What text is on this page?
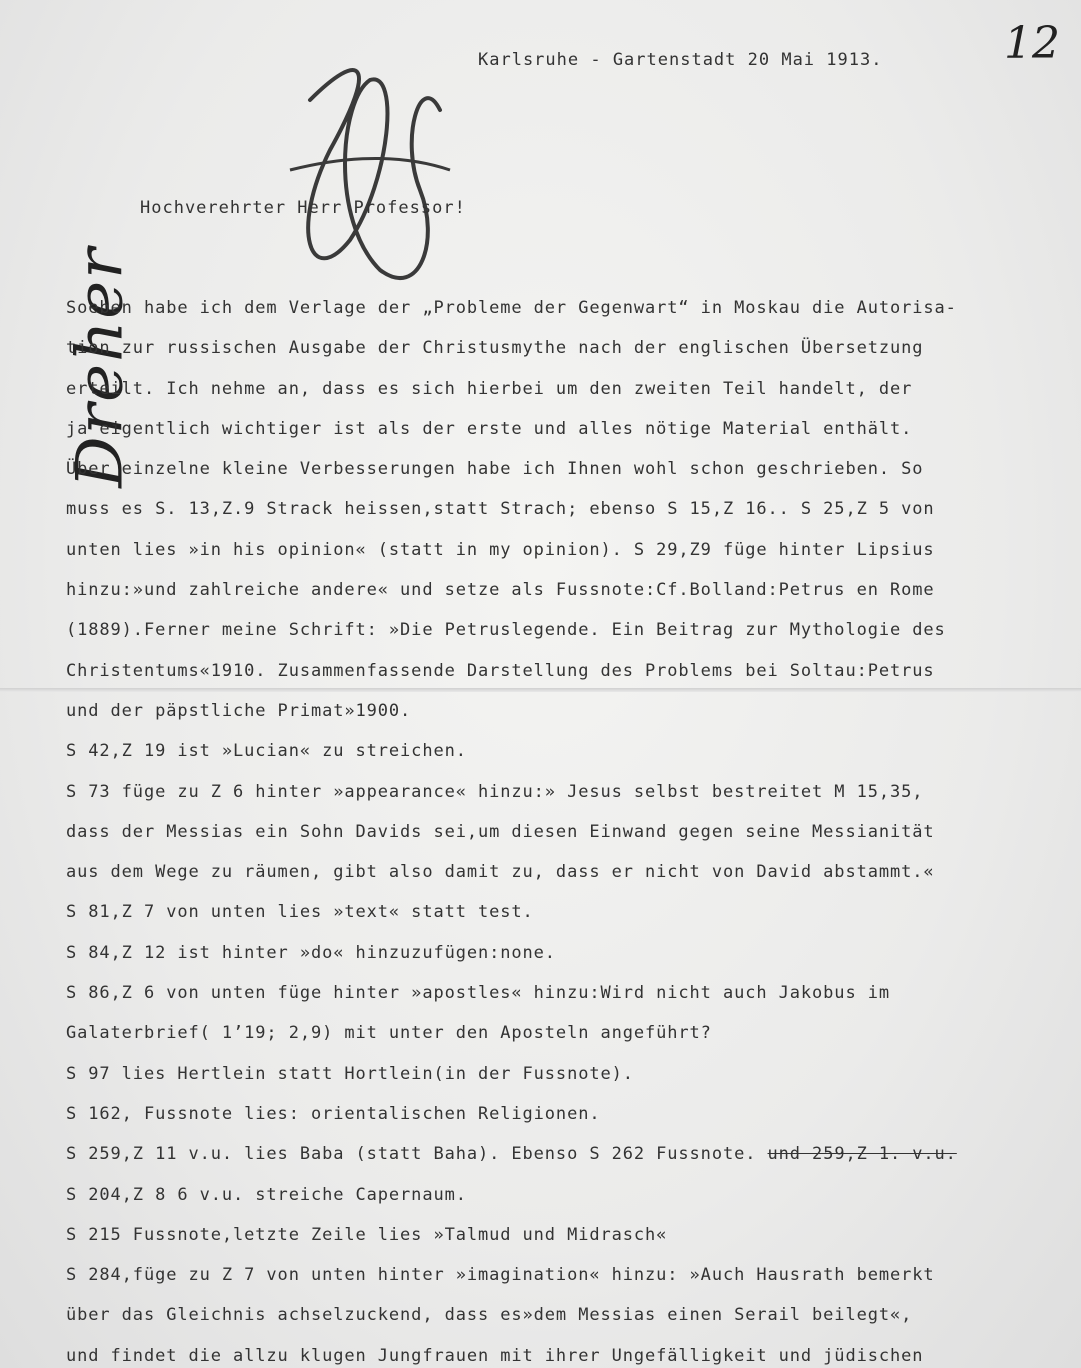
Karlsruhe - Gartenstadt 20 Mai 1913.	12
Dreher
Hochverehrter Herr Professor!
Soeben habe ich dem Verlage der „Probleme der Gegenwart“ in Moskau die Autorisa-
tion zur russischen Ausgabe der Christusmythe nach der englischen Übersetzung
erteilt. Ich nehme an, dass es sich hierbei um den zweiten Teil handelt, der
ja eigentlich wichtiger ist als der erste und alles nötige Material enthält.
Über einzelne kleine Verbesserungen habe ich Ihnen wohl schon geschrieben. So
muss es S. 13,Z.9 Strack heissen,statt Strach; ebenso S 15,Z 16.. S 25,Z 5 von
unten lies »in his opinion« (statt in my opinion). S 29,Z9 füge hinter Lipsius
hinzu:»und zahlreiche andere« und setze als Fussnote:Cf.Bolland:Petrus en Rome
(1889).Ferner meine Schrift: »Die Petruslegende. Ein Beitrag zur Mythologie des
Christentums«1910. Zusammenfassende Darstellung des Problems bei Soltau:Petrus
und der päpstliche Primat»1900.
S 42,Z 19 ist »Lucian« zu streichen.
S 73 füge zu Z 6 hinter »appearance« hinzu:» Jesus selbst bestreitet M 15,35,
dass der Messias ein Sohn Davids sei,um diesen Einwand gegen seine Messianität
aus dem Wege zu räumen, gibt also damit zu, dass er nicht von David abstammt.«
S 81,Z 7 von unten lies »text« statt test.
S 84,Z 12 ist hinter »do« hinzuzufügen:none.
S 86,Z 6 von unten füge hinter »apostles« hinzu:Wird nicht auch Jakobus im
Galaterbrief( 1’19; 2,9) mit unter den Aposteln angeführt?
S 97 lies Hertlein statt Hortlein(in der Fussnote).
S 162, Fussnote lies: orientalischen Religionen.
S 259,Z 11 v.u. lies Baba (statt Baha). Ebenso S 262 Fussnote. und 259,Z 1. v.u.
S 204,Z 8 6 v.u. streiche Capernaum.
S 215 Fussnote,letzte Zeile lies »Talmud und Midrasch«
S 284,füge zu Z 7 von unten hinter »imagination« hinzu: »Auch Hausrath bemerkt
über das Gleichnis achselzuckend, dass es»dem Messias einen Serail beilegt«,
und findet die allzu klugen Jungfrauen mit ihrer Ungefälligkeit und jüdischen
